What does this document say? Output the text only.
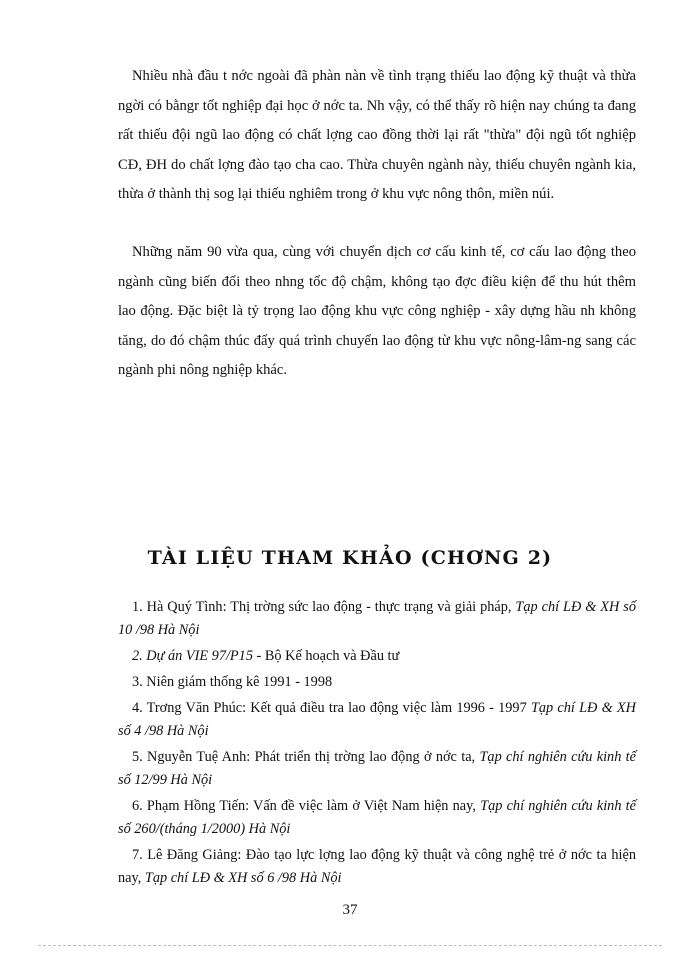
Nhiều nhà đầu t nớc ngoài đã phàn nàn về tình trạng thiếu lao động kỹ thuật và thừa ngời có bằngr tốt nghiệp đại học ở nớc ta. Nh vậy, có thể thấy rõ hiện nay chúng ta đang rất thiếu đội ngũ lao động có chất lợng cao đồng thời lại rất "thừa" đội ngũ tốt nghiệp CĐ, ĐH do chất lợng đào tạo cha cao. Thừa chuyên ngành này, thiếu chuyên ngành kia, thừa ở thành thị sog lại thiếu nghiêm trong ở khu vực nông thôn, miền núi.

Những năm 90 vừa qua, cùng với chuyển dịch cơ cấu kinh tế, cơ cấu lao động theo ngành cũng biến đổi theo nhng tốc độ chậm, không tạo đợc điều kiện để thu hút thêm lao động. Đặc biệt là tỷ trọng lao động khu vực công nghiệp - xây dựng hầu nh không tăng, do đó chậm thúc đẩy quá trình chuyển lao động từ khu vực nông-lâm-ng sang các ngành phi nông nghiệp khác.

TÀI LIỆU THAM KHẢO (CHƠNG 2)
1. Hà Quý Tình: Thị trờng sức lao động - thực trạng và giải pháp, Tạp chí LĐ & XH số 10 /98 Hà Nội
2. Dự án VIE 97/P15 - Bộ Kế hoạch và Đầu tư
3. Niên giám thống kê 1991 - 1998
4. Trơng Văn Phúc: Kết quả điều tra lao động việc làm 1996 - 1997 Tạp chí LĐ & XH số 4 /98 Hà Nội
5. Nguyễn Tuệ Anh: Phát triển thị trờng lao động ở nớc ta, Tạp chí nghiên cứu kinh tế số 12/99 Hà Nội
6. Phạm Hồng Tiến: Vấn đề việc làm ở Việt Nam hiện nay, Tạp chí nghiên cứu kinh tế số 260/(tháng 1/2000) Hà Nội
7. Lê Đăng Giảng: Đào tạo lực lợng lao động kỹ thuật và công nghệ trẻ ở nớc ta hiện nay, Tạp chí LĐ & XH số 6 /98 Hà Nội
37
